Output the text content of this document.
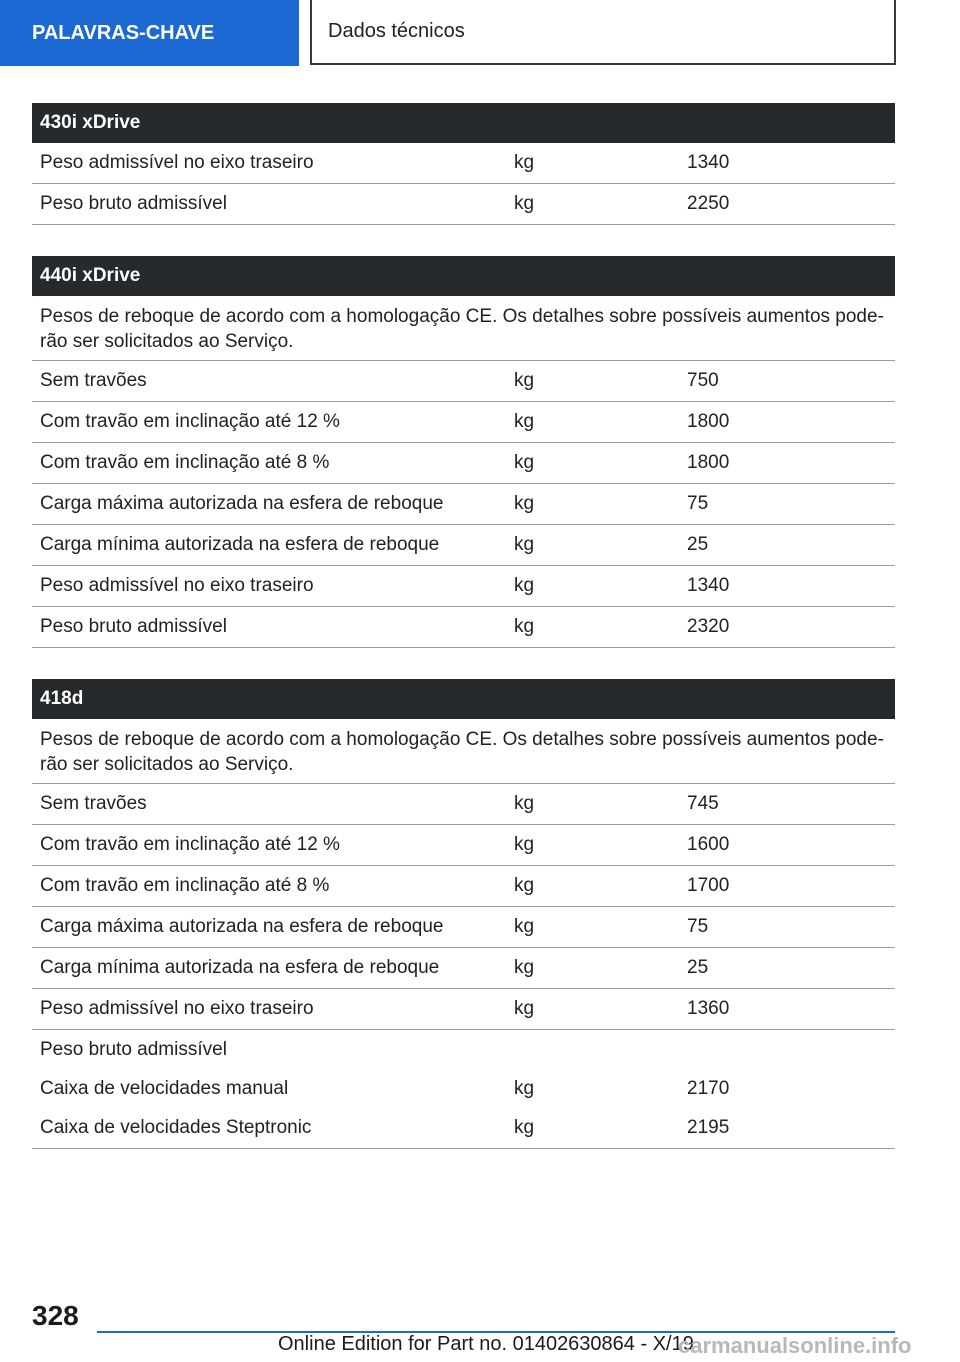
PALAVRAS-CHAVE	Dados técnicos
430i xDrive
Peso admissível no eixo traseiro	kg	1340
Peso bruto admissível	kg	2250
440i xDrive
Pesos de reboque de acordo com a homologação CE. Os detalhes sobre possíveis aumentos pode-rão ser solicitados ao Serviço.
Sem travões	kg	750
Com travão em inclinação até 12 %	kg	1800
Com travão em inclinação até 8 %	kg	1800
Carga máxima autorizada na esfera de reboque	kg	75
Carga mínima autorizada na esfera de reboque	kg	25
Peso admissível no eixo traseiro	kg	1340
Peso bruto admissível	kg	2320
418d
Pesos de reboque de acordo com a homologação CE. Os detalhes sobre possíveis aumentos pode-rão ser solicitados ao Serviço.
Sem travões	kg	745
Com travão em inclinação até 12 %	kg	1600
Com travão em inclinação até 8 %	kg	1700
Carga máxima autorizada na esfera de reboque	kg	75
Carga mínima autorizada na esfera de reboque	kg	25
Peso admissível no eixo traseiro	kg	1360
Peso bruto admissível
Caixa de velocidades manual	kg	2170
Caixa de velocidades Steptronic	kg	2195
328
Online Edition for Part no. 01402630864 - X/19
carmanualsonline.info
